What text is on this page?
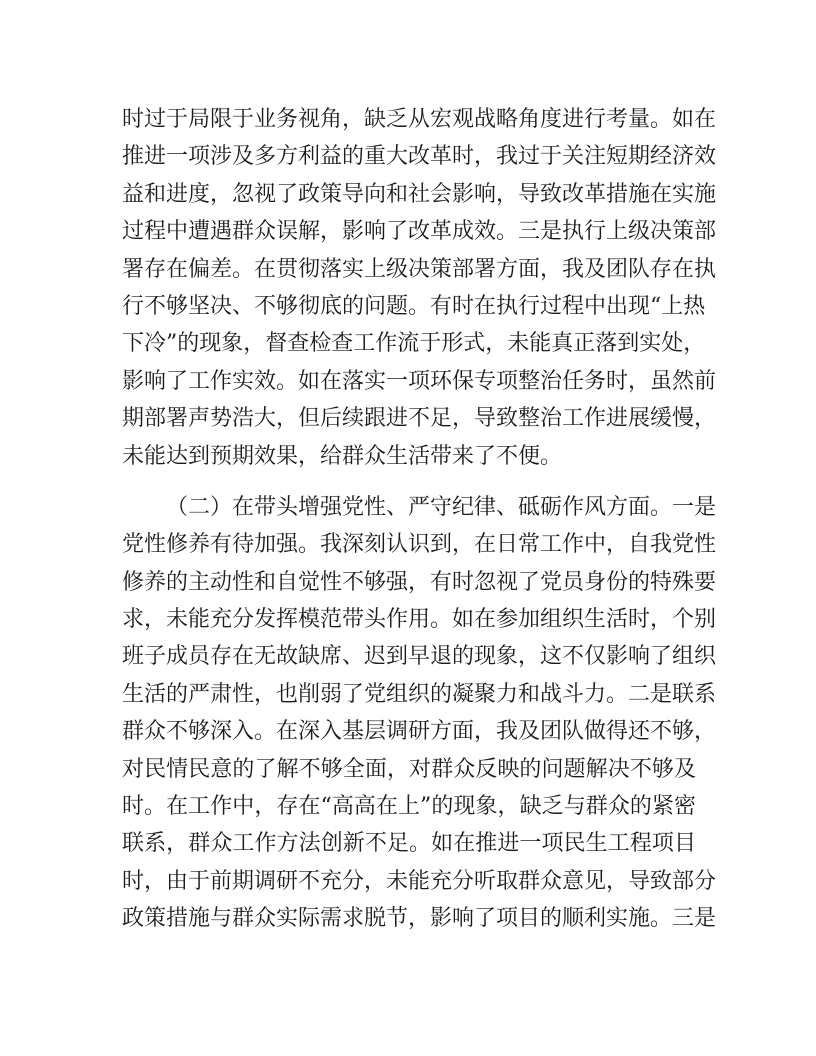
时过于局限于业务视角，缺乏从宏观战略角度进行考量。如在
推进一项涉及多方利益的重大改革时，我过于关注短期经济效
益和进度，忽视了政策导向和社会影响，导致改革措施在实施
过程中遭遇群众误解，影响了改革成效。三是执行上级决策部
署存在偏差。在贯彻落实上级决策部署方面，我及团队存在执
行不够坚决、不够彻底的问题。有时在执行过程中出现“上热
下冷”的现象，督查检查工作流于形式，未能真正落到实处，
影响了工作实效。如在落实一项环保专项整治任务时，虽然前
期部署声势浩大，但后续跟进不足，导致整治工作进展缓慢，
未能达到预期效果，给群众生活带来了不便。
（二）在带头增强党性、严守纪律、砥砺作风方面。一是
党性修养有待加强。我深刻认识到，在日常工作中，自我党性
修养的主动性和自觉性不够强，有时忽视了党员身份的特殊要
求，未能充分发挥模范带头作用。如在参加组织生活时，个别
班子成员存在无故缺席、迟到早退的现象，这不仅影响了组织
生活的严肃性，也削弱了党组织的凝聚力和战斗力。二是联系
群众不够深入。在深入基层调研方面，我及团队做得还不够，
对民情民意的了解不够全面，对群众反映的问题解决不够及
时。在工作中，存在“高高在上”的现象，缺乏与群众的紧密
联系，群众工作方法创新不足。如在推进一项民生工程项目
时，由于前期调研不充分，未能充分听取群众意见，导致部分
政策措施与群众实际需求脱节，影响了项目的顺利实施。三是
